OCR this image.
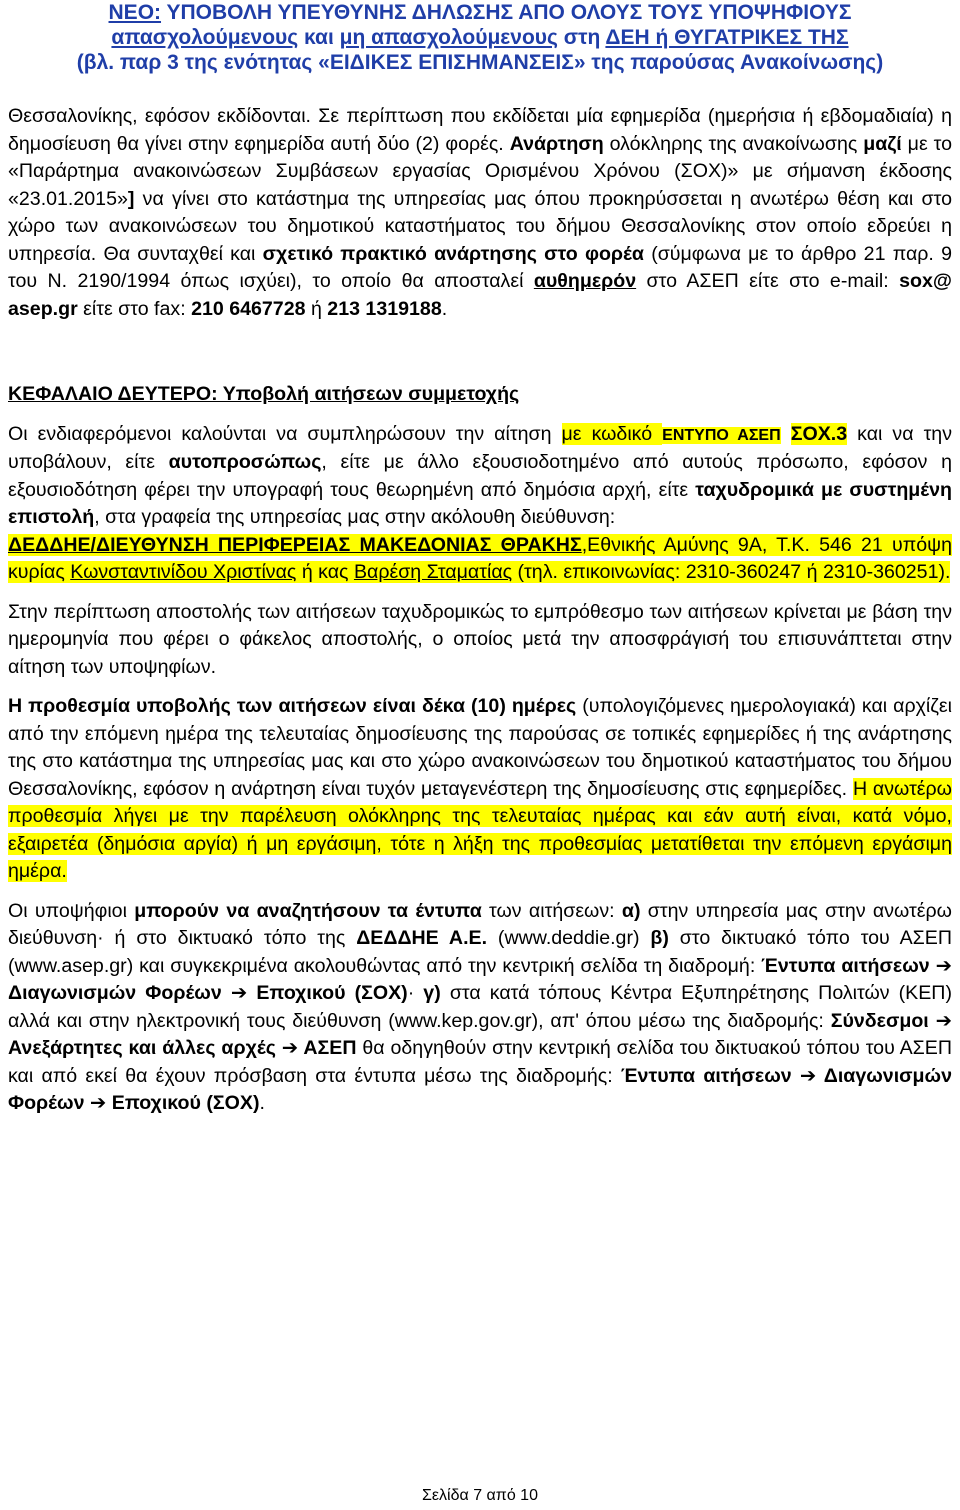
ΝΕΟ: ΥΠΟΒΟΛΗ ΥΠΕΥΘΥΝΗΣ ΔΗΛΩΣΗΣ ΑΠΟ ΟΛΟΥΣ ΤΟΥΣ ΥΠΟΨΗΦΙΟΥΣ
απασχολούμενους και μη απασχολούμενους στη ΔΕΗ ή ΘΥΓΑΤΡΙΚΕΣ ΤΗΣ
(βλ. παρ 3 της ενότητας «ΕΙΔΙΚΕΣ ΕΠΙΣΗΜΑΝΣΕΙΣ» της παρούσας Ανακοίνωσης)

Θεσσαλονίκης, εφόσον εκδίδονται. Σε περίπτωση που εκδίδεται μία εφημερίδα (ημερήσια ή εβδομαδιαία) η δημοσίευση θα γίνει στην εφημερίδα αυτή δύο (2) φορές. Ανάρτηση ολόκληρης της ανακοίνωσης μαζί με το «Παράρτημα ανακοινώσεων Συμβάσεων εργασίας Ορισμένου Χρόνου (ΣΟΧ)» με σήμανση έκδοσης «23.01.2015»] να γίνει στο κατάστημα της υπηρεσίας μας όπου προκηρύσσεται η ανωτέρω θέση και στο χώρο των ανακοινώσεων του δημοτικού καταστήματος του δήμου Θεσσαλονίκης στον οποίο εδρεύει η υπηρεσία. Θα συνταχθεί και σχετικό πρακτικό ανάρτησης στο φορέα (σύμφωνα με το άρθρο 21 παρ. 9 του Ν. 2190/1994 όπως ισχύει), το οποίο θα αποσταλεί αυθημερόν στο ΑΣΕΠ είτε στο e-mail: sox@ asep.gr είτε στο fax: 210 6467728 ή 213 1319188.

ΚΕΦΑΛΑΙΟ ΔΕΥΤΕΡΟ: Υποβολή αιτήσεων συμμετοχής

Οι ενδιαφερόμενοι καλούνται να συμπληρώσουν την αίτηση με κωδικό ΕΝΤΥΠΟ ΑΣΕΠ ΣΟΧ.3 και να την υποβάλουν, είτε αυτοπροσώπως, είτε με άλλο εξουσιοδοτημένο από αυτούς πρόσωπο, εφόσον η εξουσιοδότηση φέρει την υπογραφή τους θεωρημένη από δημόσια αρχή, είτε ταχυδρομικά με συστημένη επιστολή, στα γραφεία της υπηρεσίας μας στην ακόλουθη διεύθυνση:

ΔΕΔΔΗΕ/ΔΙΕΥΘΥΝΣΗ ΠΕΡΙΦΕΡΕΙΑΣ ΜΑΚΕΔΟΝΙΑΣ ΘΡΑΚΗΣ,Εθνικής Αμύνης 9Α, Τ.Κ. 546 21 υπόψη κυρίας Κωνσταντινίδου Χριστίνας ή κας Βαρέση Σταματίας (τηλ. επικοινωνίας: 2310-360247 ή 2310-360251).

Στην περίπτωση αποστολής των αιτήσεων ταχυδρομικώς το εμπρόθεσμο των αιτήσεων κρίνεται με βάση την ημερομηνία που φέρει ο φάκελος αποστολής, ο οποίος μετά την αποσφράγισή του επισυνάπτεται στην αίτηση των υποψηφίων.

Η προθεσμία υποβολής των αιτήσεων είναι δέκα (10) ημέρες (υπολογιζόμενες ημερολογιακά) και αρχίζει από την επόμενη ημέρα της τελευταίας δημοσίευσης της παρούσας σε τοπικές εφημερίδες ή της ανάρτησης της στο κατάστημα της υπηρεσίας μας και στο χώρο ανακοινώσεων του δημοτικού καταστήματος του δήμου Θεσσαλονίκης, εφόσον η ανάρτηση είναι τυχόν μεταγενέστερη της δημοσίευσης στις εφημερίδες. Η ανωτέρω προθεσμία λήγει με την παρέλευση ολόκληρης της τελευταίας ημέρας και εάν αυτή είναι, κατά νόμο, εξαιρετέα (δημόσια αργία) ή μη εργάσιμη, τότε η λήξη της προθεσμίας μετατίθεται την επόμενη εργάσιμη ημέρα.

Οι υποψήφιοι μπορούν να αναζητήσουν τα έντυπα των αιτήσεων: α) στην υπηρεσία μας στην ανωτέρω διεύθυνση· ή στο δικτυακό τόπο της ΔΕΔΔΗΕ Α.Ε. (www.deddie.gr) β) στο δικτυακό τόπο του ΑΣΕΠ (www.asep.gr) και συγκεκριμένα ακολουθώντας από την κεντρική σελίδα τη διαδρομή: Έντυπα αιτήσεων ➔ Διαγωνισμών Φορέων ➔ Εποχικού (ΣΟΧ)· γ) στα κατά τόπους Κέντρα Εξυπηρέτησης Πολιτών (ΚΕΠ) αλλά και στην ηλεκτρονική τους διεύθυνση (www.kep.gov.gr), απ' όπου μέσω της διαδρομής: Σύνδεσμοι ➔ Ανεξάρτητες και άλλες αρχές ➔ ΑΣΕΠ θα οδηγηθούν στην κεντρική σελίδα του δικτυακού τόπου του ΑΣΕΠ και από εκεί θα έχουν πρόσβαση στα έντυπα μέσω της διαδρομής: Έντυπα αιτήσεων ➔ Διαγωνισμών Φορέων ➔ Εποχικού (ΣΟΧ).

Σελίδα 7 από 10
